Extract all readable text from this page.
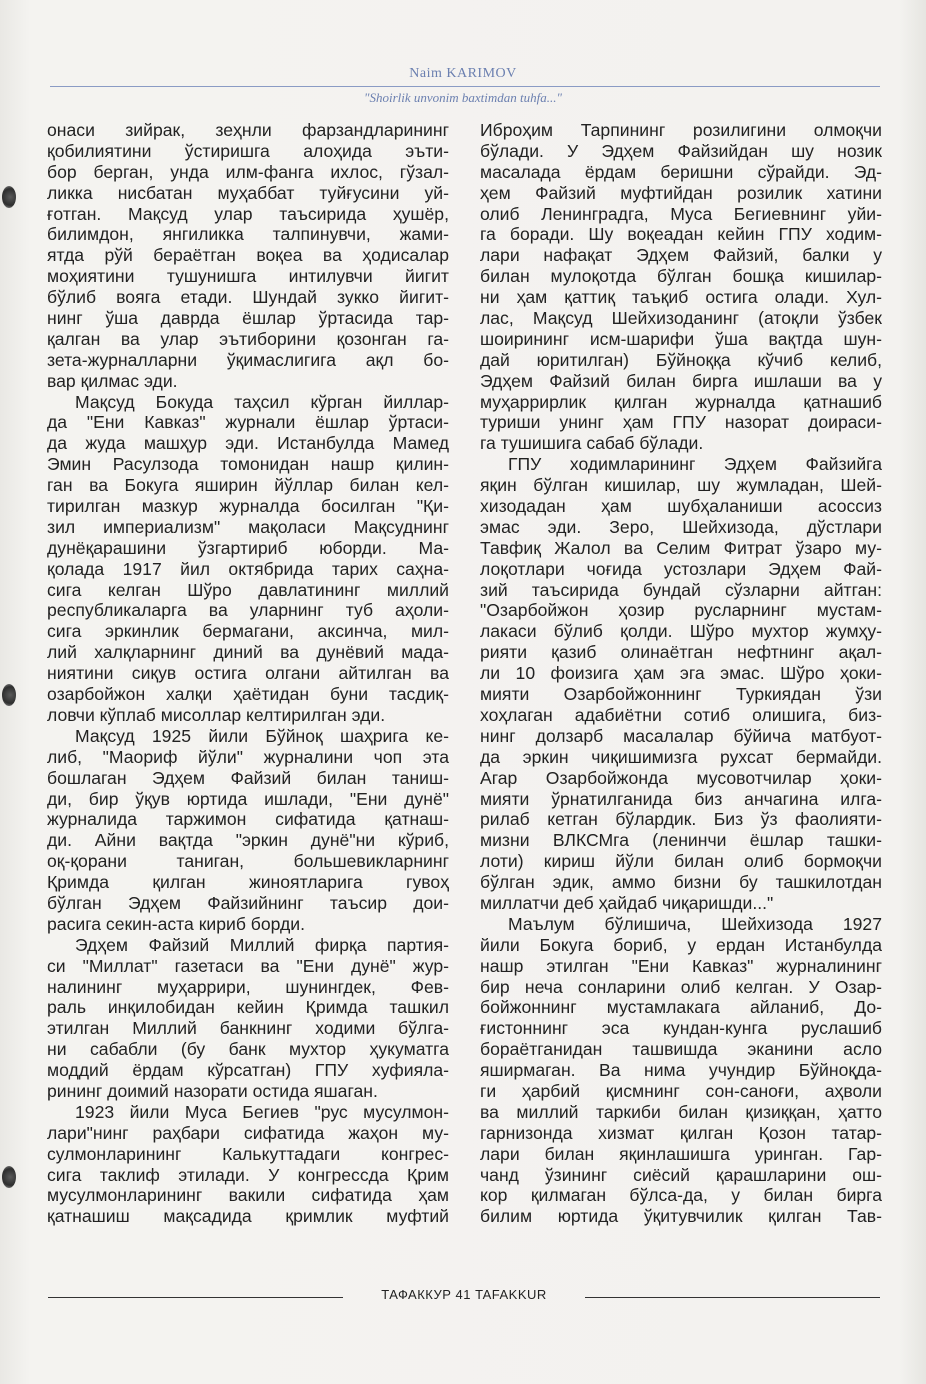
Naim KARIMOV
"Shoirlik unvonim baxtimdan tuhfa..."
онаси зийрак, зеҳнли фарзандларининг
қобилиятини ўстиришга алоҳида эъти-
бор берган, унда илм-фанга ихлос, гўзал-
ликка нисбатан муҳаббат туйғусини уй-
ғотган. Мақсуд улар таъсирида ҳушёр,
билимдон, янгиликка талпинувчи, жами-
ятда рўй бераётган воқеа ва ҳодисалар
моҳиятини тушунишга интилувчи йигит
бўлиб вояга етади. Шундай зукко йигит-
нинг ўша даврда ёшлар ўртасида тар-
қалган ва улар эътиборини қозонган га-
зета-журналларни ўқимаслигига ақл бо-
вар қилмас эди.
Мақсуд Бокуда таҳсил кўрган йиллар-
да "Ени Кавказ" журнали ёшлар ўртаси-
да жуда машҳур эди. Истанбулда Мамед
Эмин Расулзода томонидан нашр қилин-
ган ва Бокуга яширин йўллар билан кел-
тирилган мазкур журналда босилган "Қи-
зил империализм" мақоласи Мақсуднинг
дунёқарашини ўзгартириб юборди. Ма-
қолада 1917 йил октябрида тарих саҳна-
сига келган Шўро давлатининг миллий
республикаларга ва уларнинг туб аҳоли-
сига эркинлик бермагани, аксинча, мил-
лий халқларнинг диний ва дунёвий мада-
ниятини сиқув остига олгани айтилган ва
озарбойжон халқи ҳаётидан буни тасдиқ-
ловчи кўплаб мисоллар келтирилган эди.
Мақсуд 1925 йили Бўйноқ шаҳрига ке-
либ, "Маориф йўли" журналини чоп эта
бошлаган Эдҳем Файзий билан таниш-
ди, бир ўқув юртида ишлади, "Ени дунё"
журналида таржимон сифатида қатнаш-
ди. Айни вақтда "эркин дунё"ни кўриб,
оқ-қорани таниган, большевикларнинг
Қримда қилган жиноятларига гувоҳ
бўлган Эдҳем Файзийнинг таъсир дои-
расига секин-аста кириб борди.
Эдҳем Файзий Миллий фирқа партия-
си "Миллат" газетаси ва "Ени дунё" жур-
налининг муҳаррири, шунингдек, Фев-
раль инқилобидан кейин Қримда ташкил
этилган Миллий банкнинг ходими бўлга-
ни сабабли (бу банк мухтор ҳукуматга
моддий ёрдам кўрсатган) ГПУ хуфияла-
рининг доимий назорати остида яшаган.
1923 йили Муса Бегиев "рус мусулмон-
лари"нинг раҳбари сифатида жаҳон му-
сулмонларининг Калькуттадаги конгрес-
сига таклиф этилади. У конгрессда Қрим
мусулмонларининг вакили сифатида ҳам
қатнашиш мақсадида қримлик муфтий
Иброҳим Тарпининг розилигини олмоқчи
бўлади. У Эдҳем Файзийдан шу нозик
масалада ёрдам беришни сўрайди. Эд-
ҳем Файзий муфтийдан розилик хатини
олиб Ленинградга, Муса Бегиевнинг уйи-
га боради. Шу воқеадан кейин ГПУ ходим-
лари нафақат Эдҳем Файзий, балки у
билан мулоқотда бўлган бошқа кишилар-
ни ҳам қаттиқ таъқиб остига олади. Хул-
лас, Мақсуд Шейхизоданинг (атоқли ўзбек
шоирининг исм-шарифи ўша вақтда шун-
дай юритилган) Бўйноққа кўчиб келиб,
Эдҳем Файзий билан бирга ишлаши ва у
муҳаррирлик қилган журналда қатнашиб
туриши унинг ҳам ГПУ назорат доираси-
га тушишига сабаб бўлади.
ГПУ ходимларининг Эдҳем Файзийга
яқин бўлган кишилар, шу жумладан, Шей-
хизодадан ҳам шубҳаланиши асоссиз
эмас эди. Зеро, Шейхизода, дўстлари
Тавфиқ Жалол ва Селим Фитрат ўзаро му-
лоқотлари чоғида устозлари Эдҳем Фай-
зий таъсирида бундай сўзларни айтган:
"Озарбойжон ҳозир русларнинг мустам-
лакаси бўлиб қолди. Шўро мухтор жумҳу-
рияти қазиб олинаётган нефтнинг ақал-
ли 10 фоизига ҳам эга эмас. Шўро ҳоки-
мияти Озарбойжоннинг Туркиядан ўзи
хоҳлаган адабиётни сотиб олишига, биз-
нинг долзарб масалалар бўйича матбуот-
да эркин чиқишимизга рухсат бермайди.
Агар Озарбойжонда мусовотчилар ҳоки-
мияти ўрнатилганида биз анчагина илга-
рилаб кетган бўлардик. Биз ўз фаолияти-
мизни ВЛКСМга (ленинчи ёшлар ташки-
лоти) кириш йўли билан олиб бормоқчи
бўлган эдик, аммо бизни бу ташкилотдан
миллатчи деб ҳайдаб чиқаришди..."
Маълум бўлишича, Шейхизода 1927
йили Бокуга бориб, у ердан Истанбулда
нашр этилган "Ени Кавказ" журналининг
бир неча сонларини олиб келган. У Озар-
бойжоннинг мустамлакага айланиб, До-
ғистоннинг эса кундан-кунга руслашиб
бораётганидан ташвишда эканини асло
яширмаган. Ва нима учундир Бўйноқда-
ги ҳарбий қисмнинг сон-саноғи, аҳволи
ва миллий таркиби билан қизиққан, ҳатто
гарнизонда хизмат қилган Қозон татар-
лари билан яқинлашишга уринган. Гар-
чанд ўзининг сиёсий қарашларини ош-
кор қилмаган бўлса-да, у билан бирга
билим юртида ўқитувчилик қилган Тав-
ТАФАККУР 41 TAFAKKUR
